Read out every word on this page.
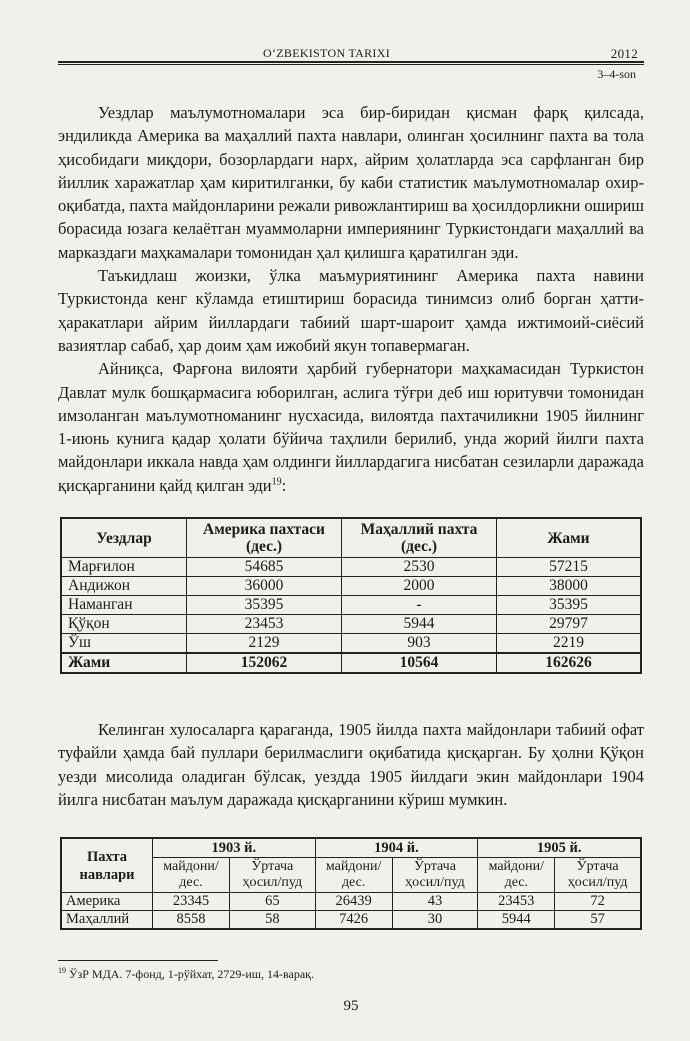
O‘ZBEKISTON TARIXI	2012
3–4-son

Уездлар маълумотномалари эса бир-биридан қисман фарқ қилсада, эндиликда Америка ва маҳаллий пахта навлари, олинган ҳосилнинг пахта ва тола ҳисобидаги миқдори, бозорлардаги нарх, айрим ҳолатларда эса сарфланган бир йиллик харажатлар ҳам киритилганки, бу каби статистик маълумотномалар охир-оқибатда, пахта майдонларини режали ривожлантириш ва ҳосилдорликни ошириш борасида юзага келаётган муаммоларни империянинг Туркистондаги маҳаллий ва марказдаги маҳкамалари томонидан ҳал қилишга қаратилган эди.

Таъкидлаш жоизки, ўлка маъмуриятининг Америка пахта навини Туркистонда кенг кўламда етиштириш борасида тинимсиз олиб борган ҳатти-ҳаракатлари айрим йиллардаги табиий шарт-шароит ҳамда ижтимоий-сиёсий вазиятлар сабаб, ҳар доим ҳам ижобий якун топавермаган.

Айниқса, Фарғона вилояти ҳарбий губернатори маҳкамасидан Туркистон Давлат мулк бошқармасига юборилган, аслига тўғри деб иш юритувчи томонидан имзоланган маълумотноманинг нусхасида, вилоятда пахтачиликни 1905 йилнинг 1-июнь кунига қадар ҳолати бўйича таҳлили берилиб, унда жорий йилги пахта майдонлари иккала навда ҳам олдинги йиллардагига нисбатан сезиларли даражада қисқарганини қайд қилган эди$^{19}$:

Уездлар	Америка пахтаси (дес.)	Маҳаллий пахта (дес.)	Жами
Марғилон	54685	2530	57215
Андижон	36000	2000	38000
Наманган	35395	-	35395
Қўқон	23453	5944	29797
Ўш	2129	903	2219
Жами	152062	10564	162626

Келинган хулосаларга қараганда, 1905 йилда пахта майдонлари табиий офат туфайли ҳамда бай пуллари берилмаслиги оқибатида қисқарган. Бу ҳолни Қўқон уезди мисолида оладиган бўлсак, уездда 1905 йилдаги экин майдонлари 1904 йилга нисбатан маълум даражада қисқарганини кўриш мумкин.

Пахта навлари	1903 й.		1904 й.		1905 й.	
	майдони/ дес.	Ўртача ҳосил/пуд	майдони/ дес.	Ўртача ҳосил/пуд	майдони/ дес.	Ўртача ҳосил/пуд
Америка	23345	65	26439	43	23453	72
Маҳаллий	8558	58	7426	30	5944	57
$^{19}$ ЎзР МДА. 7-фонд, 1-рўйхат, 2729-иш, 14-варақ.
95
